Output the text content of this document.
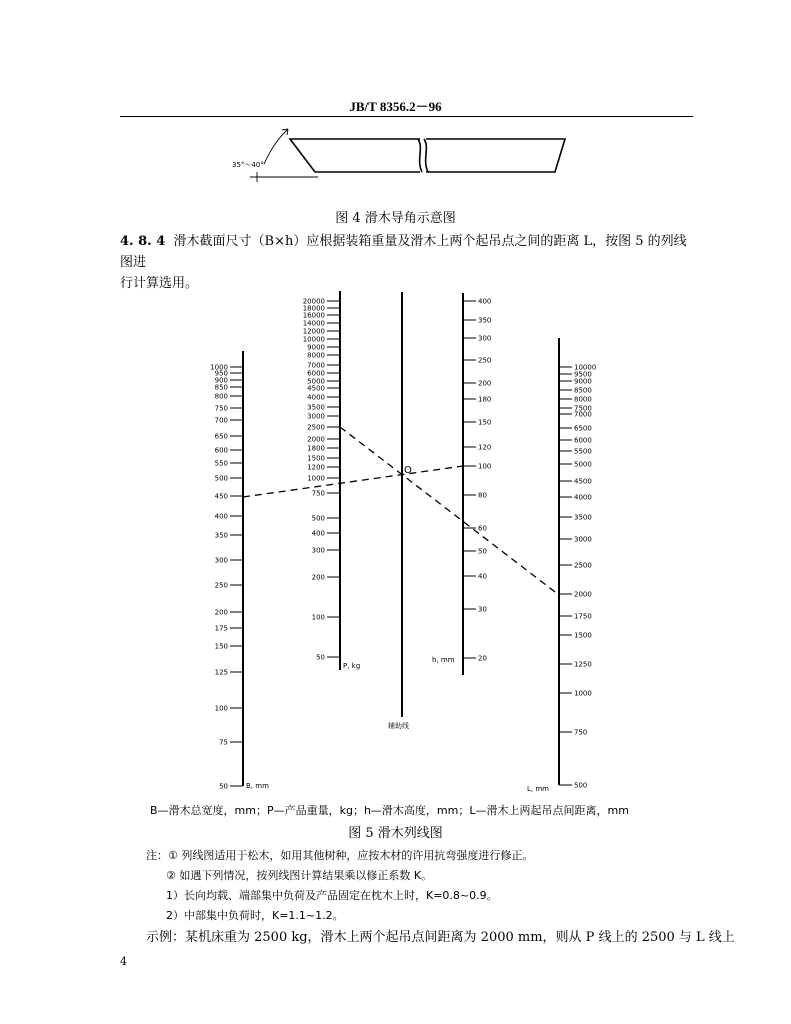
JB/T 8356.2－96
35°～40°
图 4 滑木导角示意图
4. 8. 4 滑木截面尺寸（B×h）应根据装箱重量及滑木上两个起吊点之间的距离 L，按图 5 的列线图进
行计算选用。
1000
950
900
850
800
750
700
650
600
550
500
450
400
350
300
250
200
175
150
125
100
75
50
20000
18000
16000
14000
12000
10000
9000
8000
7000
6000
5000
4500
4000
3500
3000
2500
2000
1800
1500
1200
1000
750
500
400
300
200
100
50
400
350
300
250
200
180
150
120
100
80
60
50
40
30
20
10000
9500
9000
8500
8000
7500
7000
6500
6000
5500
5000
4500
4000
3500
3000
2500
2000
1750
1500
1250
1000
750
500
B, mm
P, kg
h, mm
L, mm
辅助线
O
B—滑木总宽度，mm；P—产品重量，kg；h—滑木高度，mm；L—滑木上两起吊点间距离，mm
图 5 滑木列线图
注：① 列线图适用于松木，如用其他树种，应按木材的许用抗弯强度进行修正。
② 如遇下列情况，按列线图计算结果乘以修正系数 K。
1）长向均载、端部集中负荷及产品固定在枕木上时，K=0.8~0.9。
2）中部集中负荷时，K=1.1~1.2。
示例：某机床重为 2500 kg，滑木上两个起吊点间距离为 2000 mm，则从 P 线上的 2500 与 L 线上
4
